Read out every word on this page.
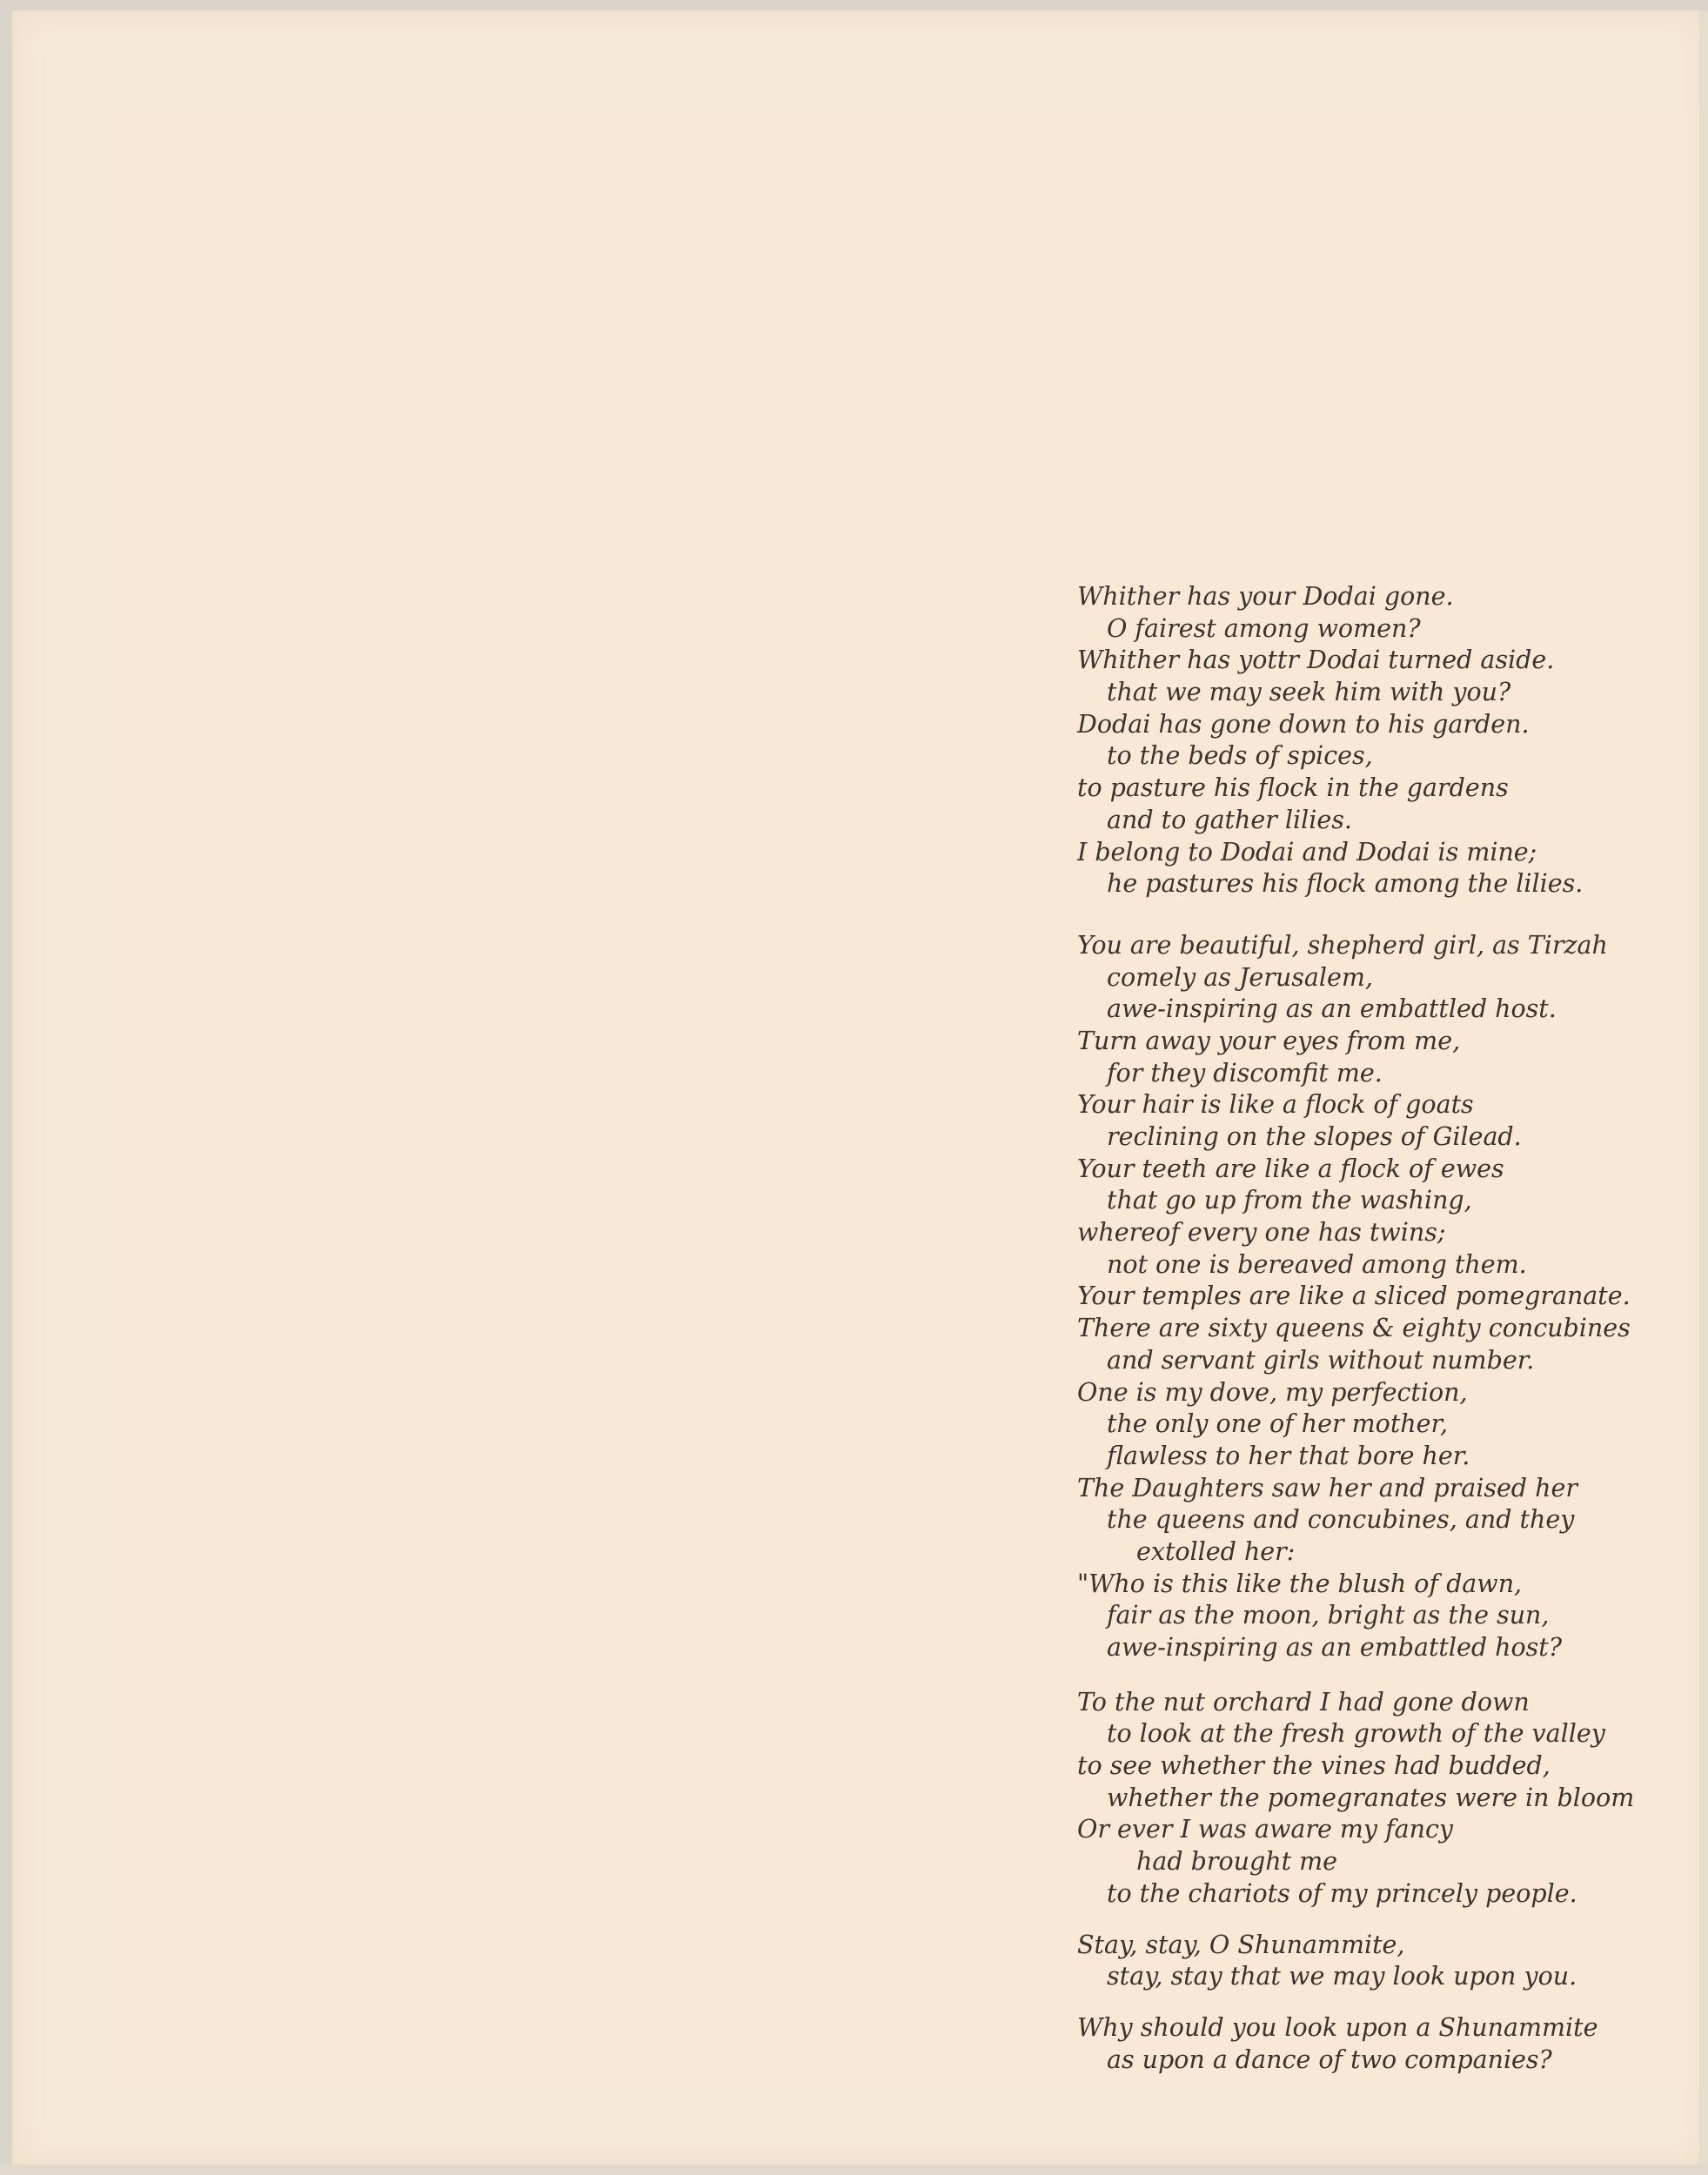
Whither has your Dodai gone.
O fairest among women?
Whither has yottr Dodai turned aside.
that we may seek him with you?
Dodai has gone down to his garden.
to the beds of spices,
to pasture his flock in the gardens
and to gather lilies.
I belong to Dodai and Dodai is mine;
he pastures his flock among the lilies.
You are beautiful, shepherd girl, as Tirzah
comely as Jerusalem,
awe-inspiring as an embattled host.
Turn away your eyes from me,
for they discomfit me.
Your hair is like a flock of goats
reclining on the slopes of Gilead.
Your teeth are like a flock of ewes
that go up from the washing,
whereof every one has twins;
not one is bereaved among them.
Your temples are like a sliced pomegranate.
There are sixty queens & eighty concubines
and servant girls without number.
One is my dove, my perfection,
the only one of her mother,
flawless to her that bore her.
The Daughters saw her and praised her
the queens and concubines, and they
extolled her:
"Who is this like the blush of dawn,
fair as the moon, bright as the sun,
awe-inspiring as an embattled host?
To the nut orchard I had gone down
to look at the fresh growth of the valley
to see whether the vines had budded,
whether the pomegranates were in bloom
Or ever I was aware my fancy
had brought me
to the chariots of my princely people.
Stay, stay, O Shunammite,
stay, stay that we may look upon you.
Why should you look upon a Shunammite
as upon a dance of two companies?
